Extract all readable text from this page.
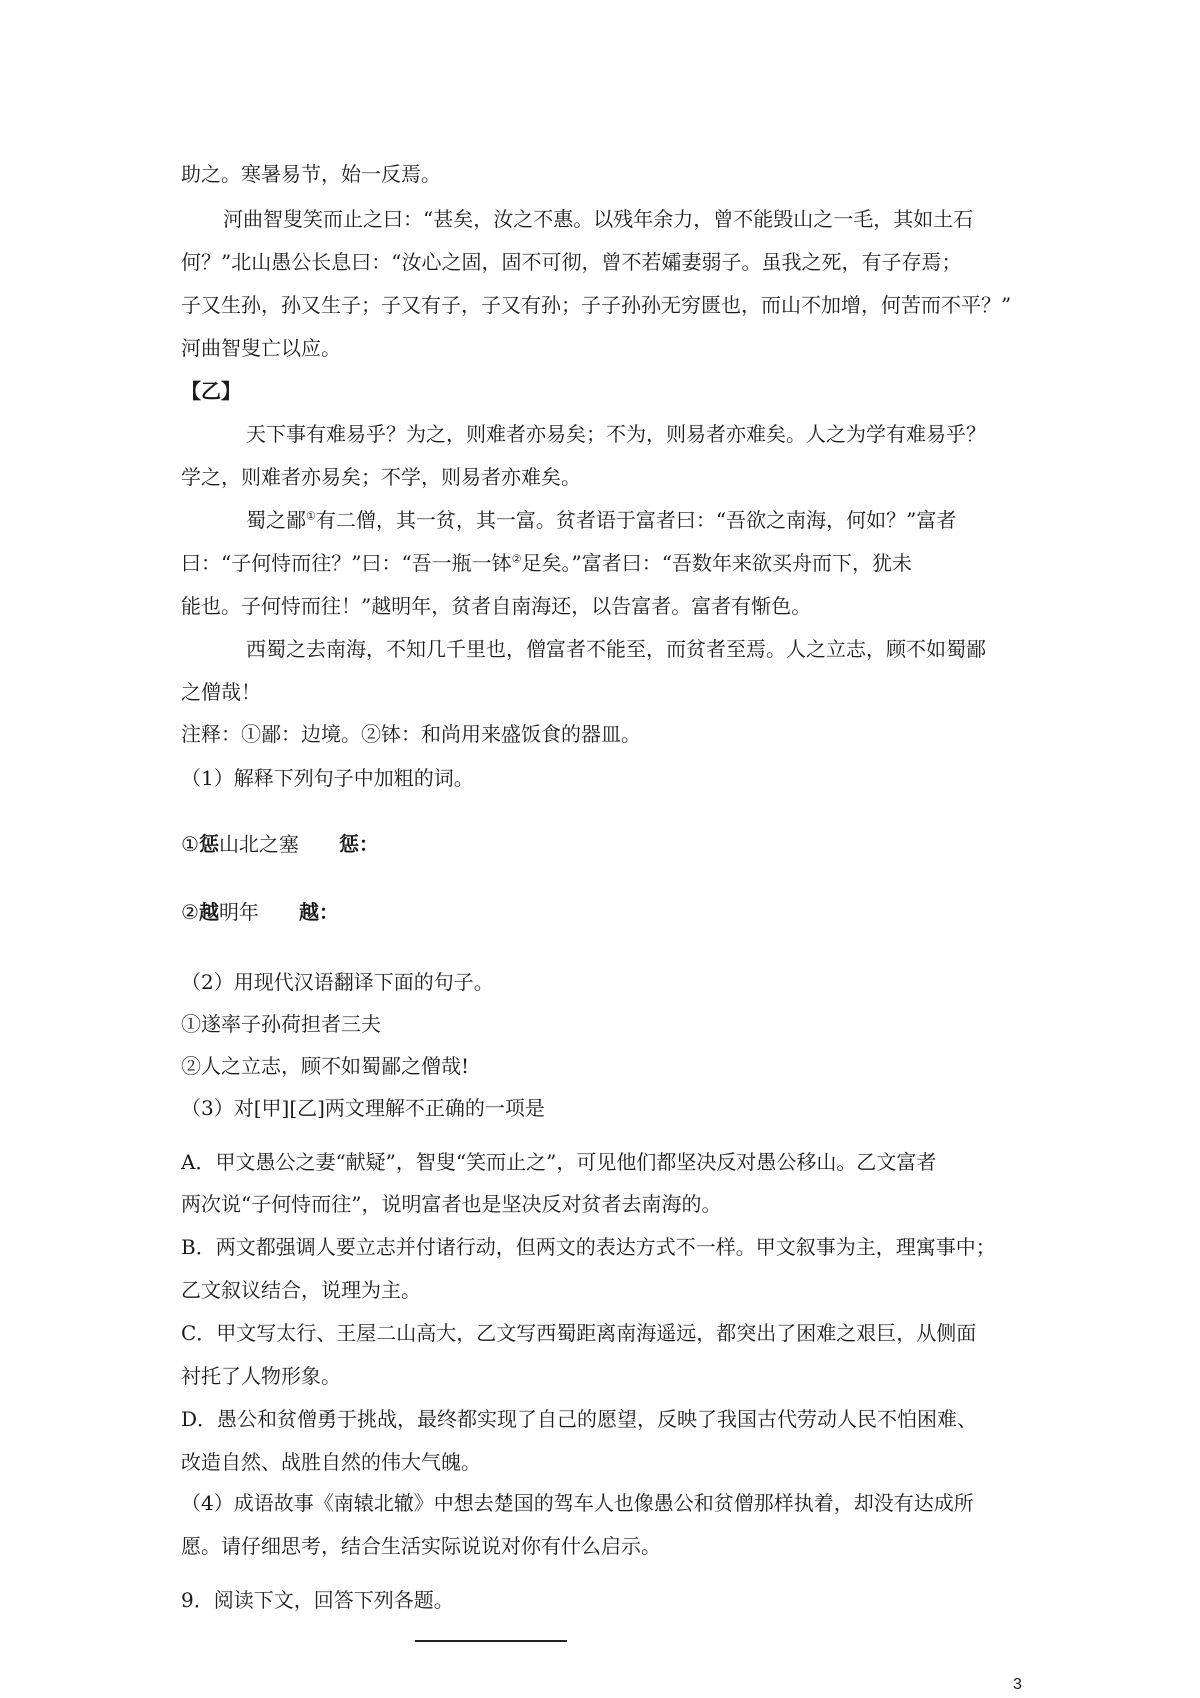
助之。寒暑易节，始一反焉。
河曲智叟笑而止之曰：“甚矣，汝之不惠。以残年余力，曾不能毁山之一毛，其如土石
何？”北山愚公长息曰：“汝心之固，固不可彻，曾不若孀妻弱子。虽我之死，有子存焉；
子又生孙，孙又生子；子又有子，子又有孙；子子孙孙无穷匮也，而山不加增，何苦而不平？”
河曲智叟亡以应。
【乙】
天下事有难易乎？为之，则难者亦易矣；不为，则易者亦难矣。人之为学有难易乎？
学之，则难者亦易矣；不学，则易者亦难矣。
蜀之鄙①有二僧，其一贫，其一富。贫者语于富者曰：“吾欲之南海，何如？”富者
曰：“子何恃而往？”曰：“吾一瓶一钵②足矣。”富者曰：“吾数年来欲买舟而下，犹未
能也。子何恃而往！”越明年，贫者自南海还，以告富者。富者有惭色。
西蜀之去南海，不知几千里也，僧富者不能至，而贫者至焉。人之立志，顾不如蜀鄙
之僧哉！
注释：①鄙：边境。②钵：和尚用来盛饭食的器皿。
（1）解释下列句子中加粗的词。
①惩山北之塞 惩：
②越明年 越：
（2）用现代汉语翻译下面的句子。
①遂率子孙荷担者三夫
②人之立志，顾不如蜀鄙之僧哉!
（3）对[甲][乙]两文理解不正确的一项是
A．甲文愚公之妻“献疑”，智叟“笑而止之”，可见他们都坚决反对愚公移山。乙文富者
两次说“子何恃而往”，说明富者也是坚决反对贫者去南海的。
B．两文都强调人要立志并付诸行动，但两文的表达方式不一样。甲文叙事为主，理寓事中；
乙文叙议结合，说理为主。
C．甲文写太行、王屋二山高大，乙文写西蜀距离南海遥远，都突出了困难之艰巨，从侧面
衬托了人物形象。
D．愚公和贫僧勇于挑战，最终都实现了自己的愿望，反映了我国古代劳动人民不怕困难、
改造自然、战胜自然的伟大气魄。
（4）成语故事《南辕北辙》中想去楚国的驾车人也像愚公和贫僧那样执着，却没有达成所
愿。请仔细思考，结合生活实际说说对你有什么启示。
9．阅读下文，回答下列各题。
3
